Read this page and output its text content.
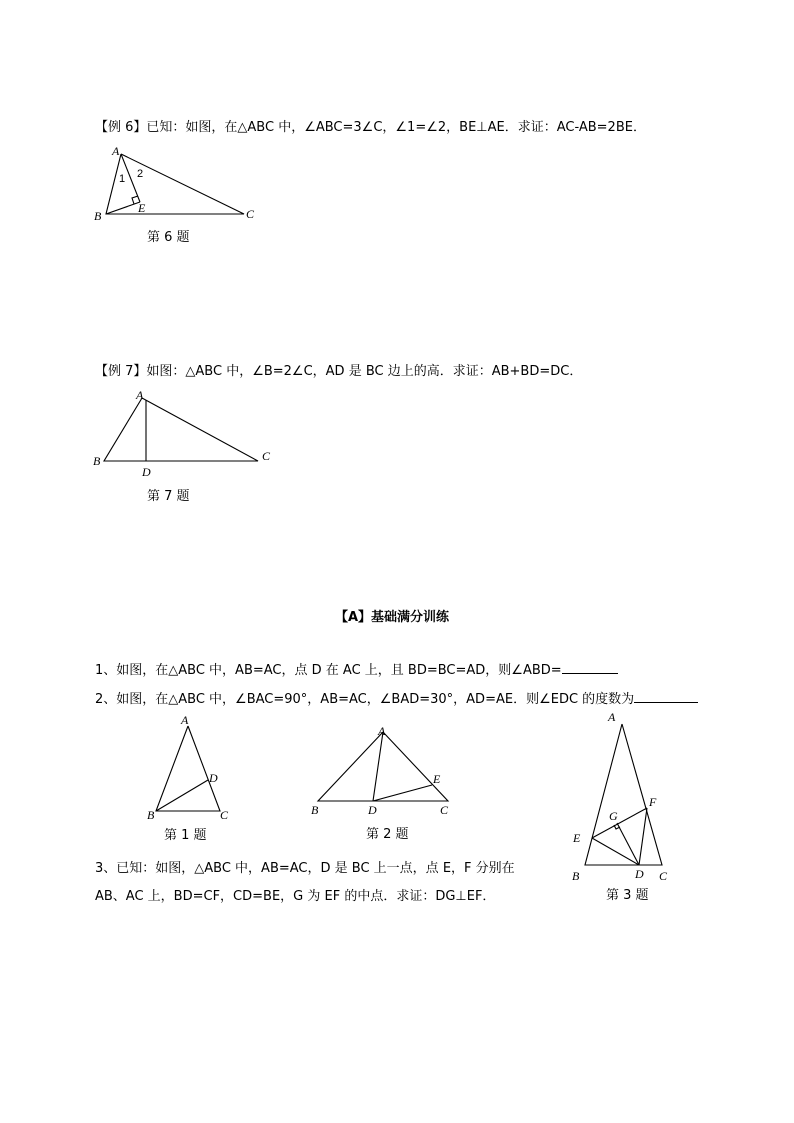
【例 6】已知：如图，在△ABC 中，∠ABC=3∠C，∠1=∠2，BE⊥AE．求证：AC-AB=2BE．
A
B	C
E
1 2
第 6 题
【例 7】如图：△ABC 中，∠B=2∠C，AD 是 BC 边上的高．求证：AB+BD=DC．
A
B	C
D
第 7 题
【A】基础满分训练
1、如图，在△ABC 中，AB=AC，点 D 在 AC 上，且 BD=BC=AD，则∠ABD=
2、如图，在△ABC 中，∠BAC=90°，AB=AC，∠BAD=30°，AD=AE．则∠EDC 的度数为
A
B	C
D
第 1 题
A
B	C
D
E
第 2 题
3、已知：如图，△ABC 中，AB=AC，D 是 BC 上一点，点 E，F 分别在
AB、AC 上，BD=CF，CD=BE，G 为 EF 的中点．求证：DG⊥EF．
A
B	C
D
E
F
G
第 3 题
